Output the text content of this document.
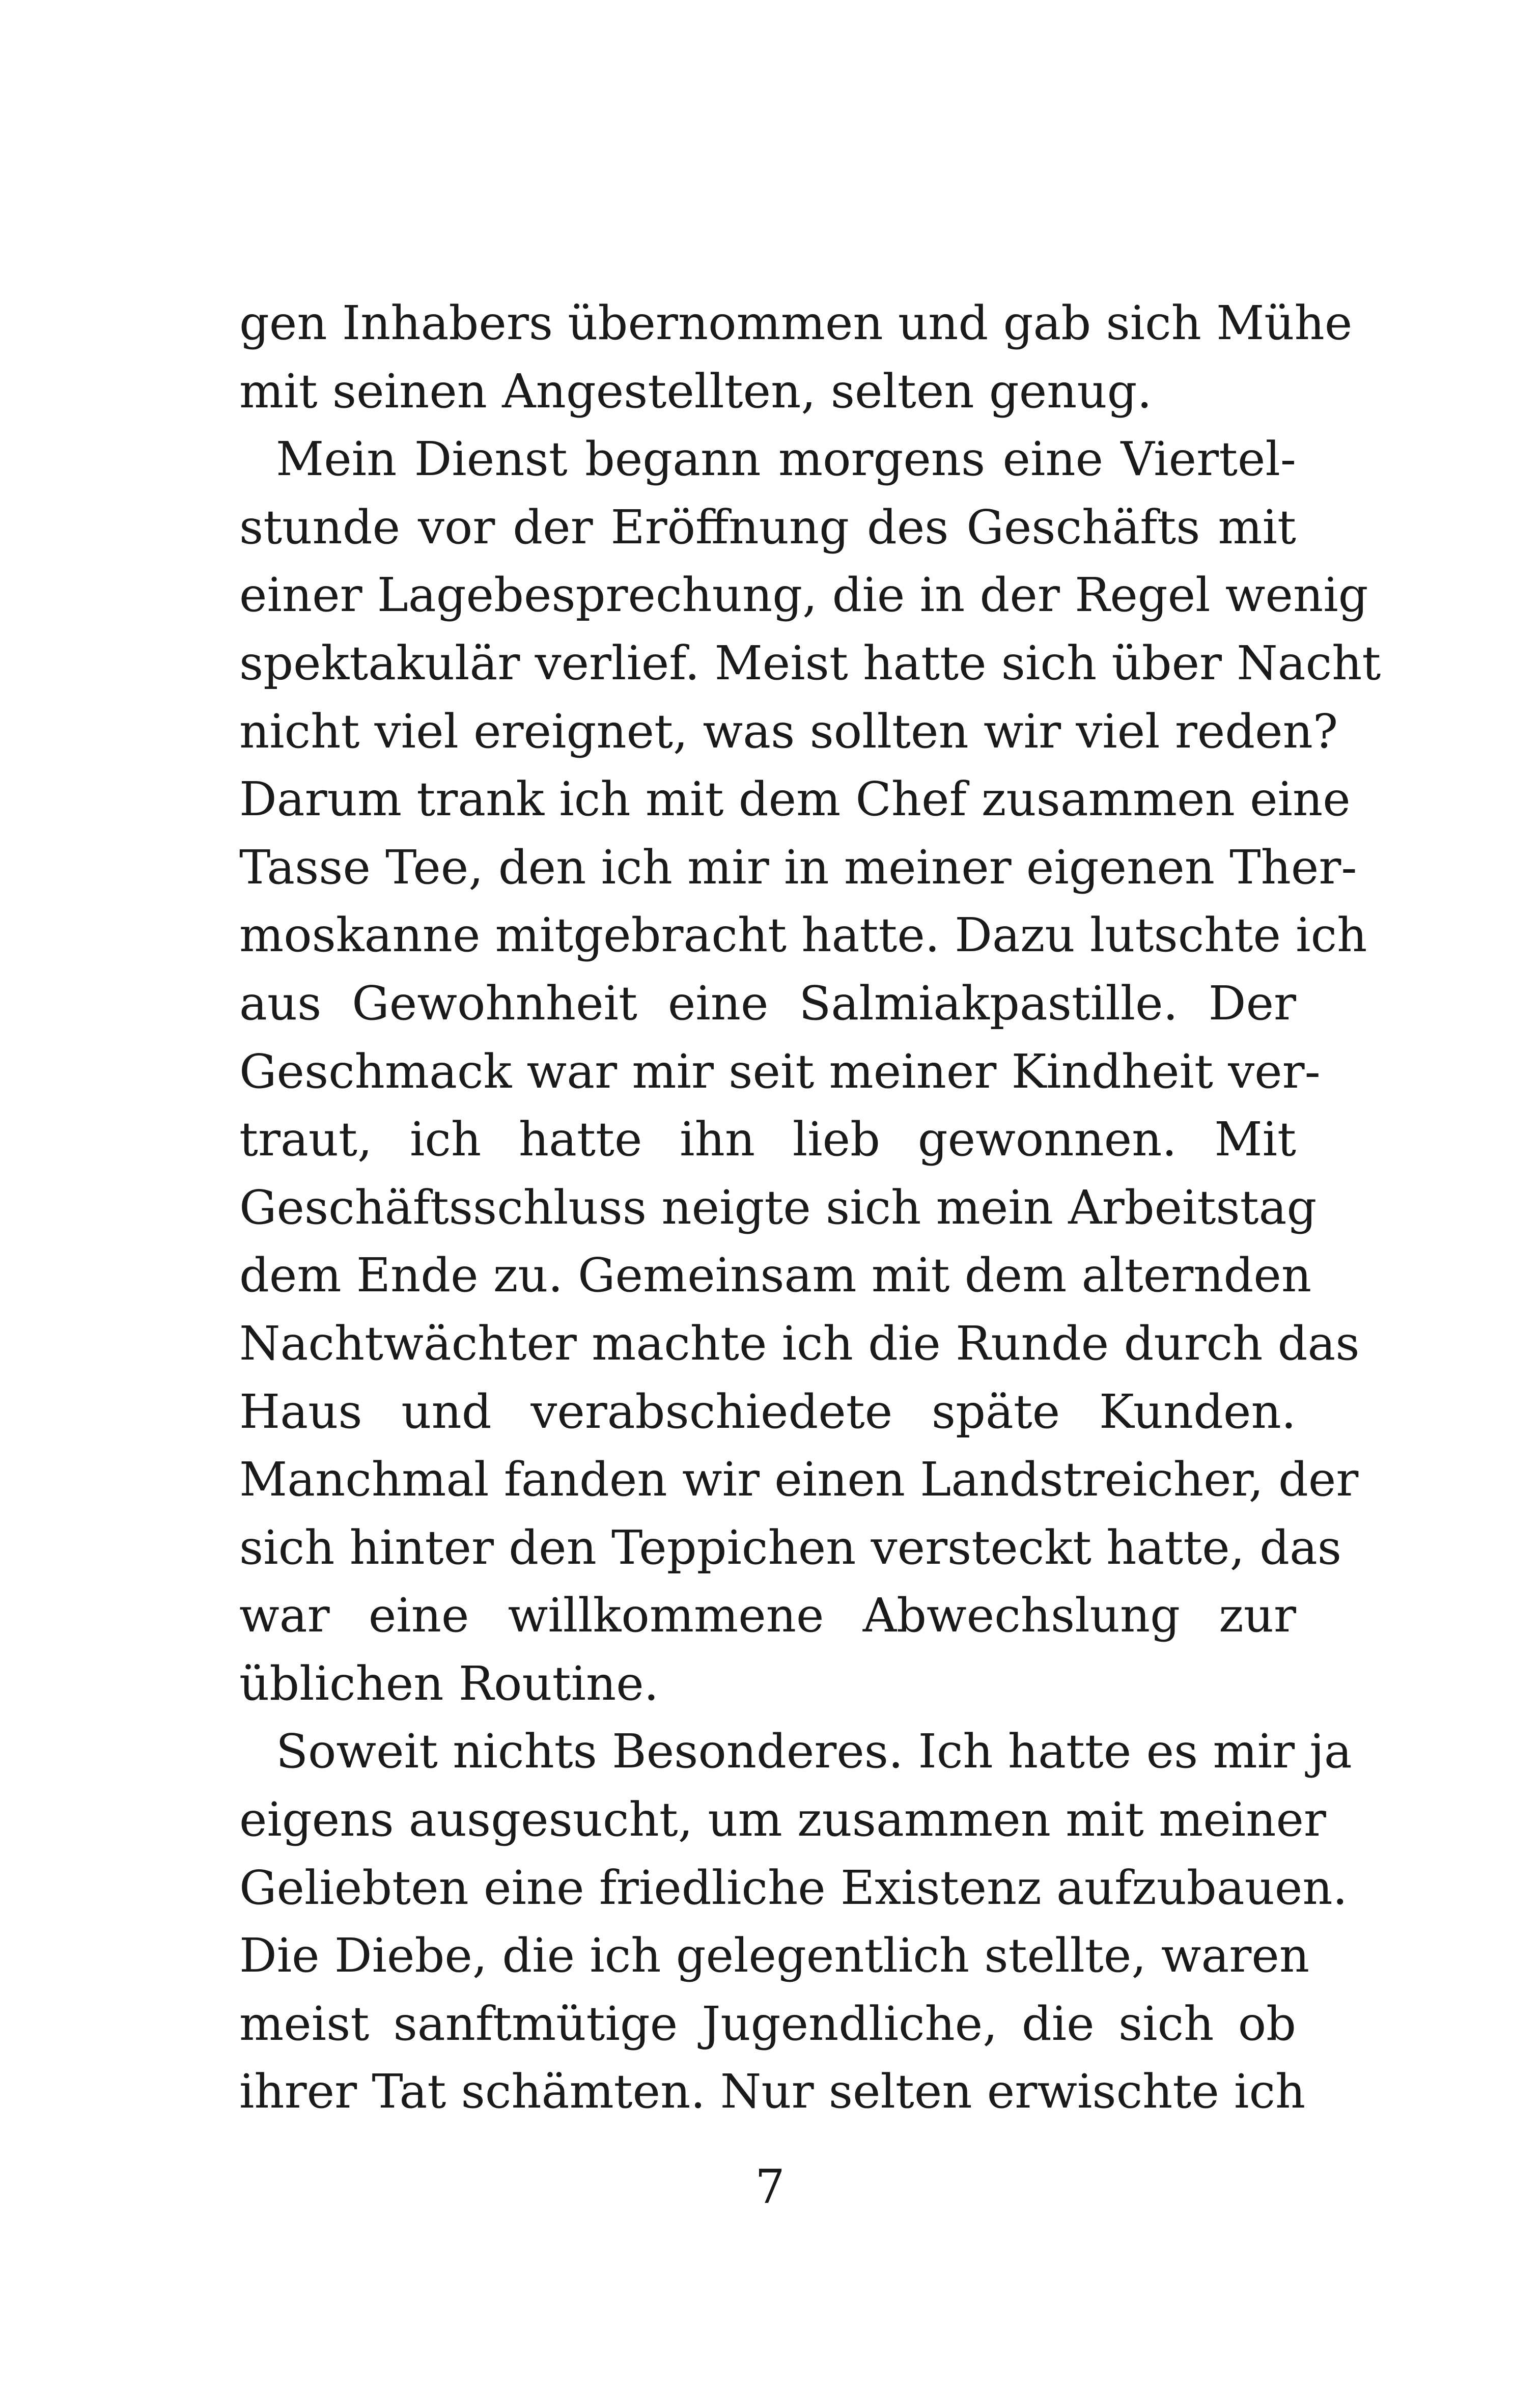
gen Inhabers übernommen und gab sich Mühe
mit seinen Angestellten, selten genug.
Mein Dienst begann morgens eine Viertel-
stunde vor der Eröffnung des Geschäfts mit
einer Lagebesprechung, die in der Regel wenig
spektakulär verlief. Meist hatte sich über Nacht
nicht viel ereignet, was sollten wir viel reden?
Darum trank ich mit dem Chef zusammen eine
Tasse Tee, den ich mir in meiner eigenen Ther-
moskanne mitgebracht hatte. Dazu lutschte ich
aus Gewohnheit eine Salmiakpastille. Der
Geschmack war mir seit meiner Kindheit ver-
traut, ich hatte ihn lieb gewonnen. Mit
Geschäftsschluss neigte sich mein Arbeitstag
dem Ende zu. Gemeinsam mit dem alternden
Nachtwächter machte ich die Runde durch das
Haus und verabschiedete späte Kunden.
Manchmal fanden wir einen Landstreicher, der
sich hinter den Teppichen versteckt hatte, das
war eine willkommene Abwechslung zur
üblichen Routine.
Soweit nichts Besonderes. Ich hatte es mir ja
eigens ausgesucht, um zusammen mit meiner
Geliebten eine friedliche Existenz aufzubauen.
Die Diebe, die ich gelegentlich stellte, waren
meist sanftmütige Jugendliche, die sich ob
ihrer Tat schämten. Nur selten erwischte ich
7
